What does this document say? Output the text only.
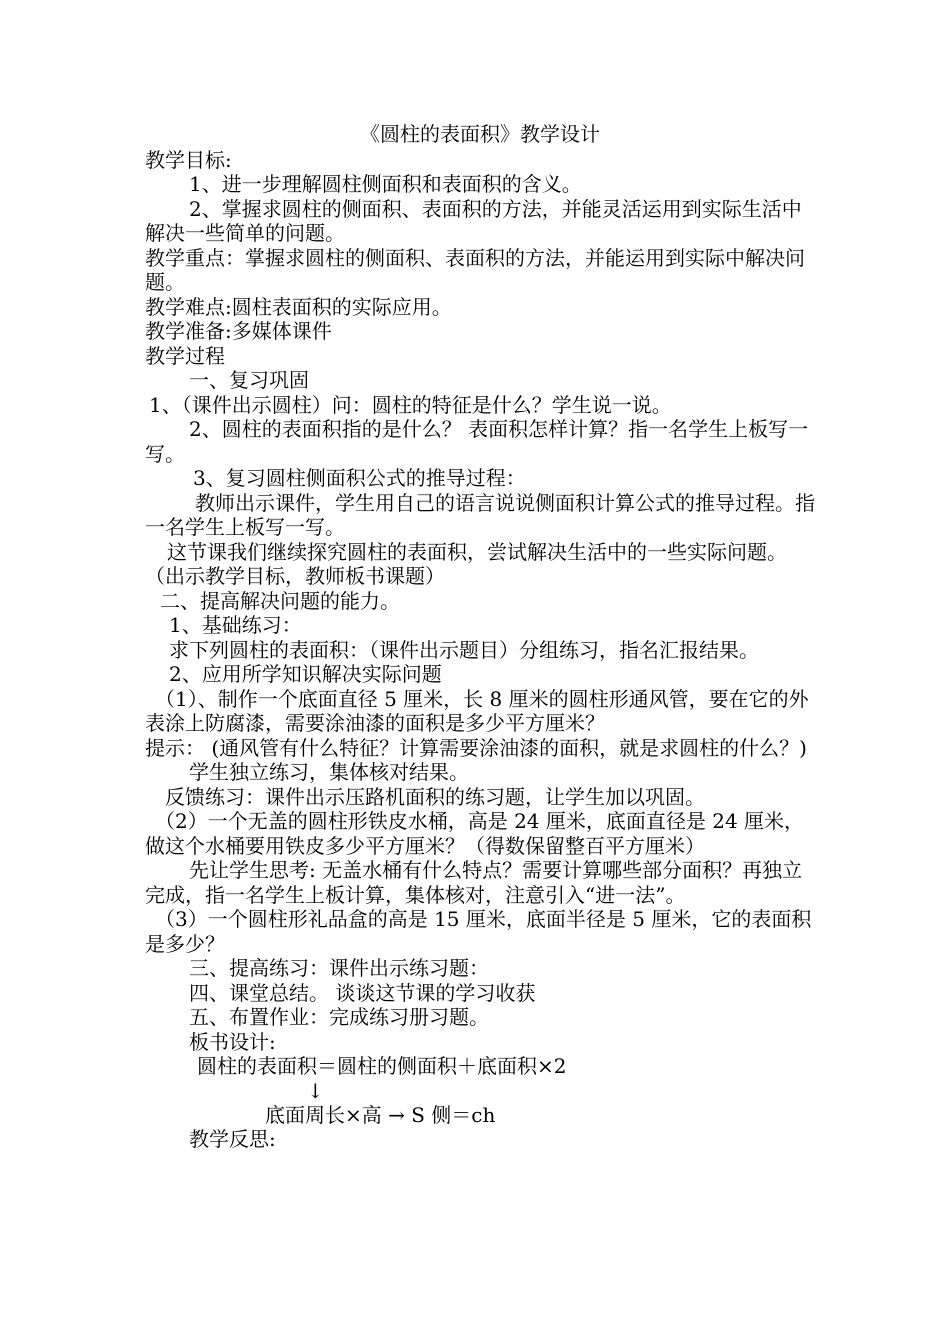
《圆柱的表面积》教学设计

教学目标:

1、进一步理解圆柱侧面积和表面积的含义。

2、掌握求圆柱的侧面积、表面积的方法，并能灵活运用到实际生活中解决一些简单的问题。

教学重点：掌握求圆柱的侧面积、表面积的方法，并能运用到实际中解决问题。

教学难点:圆柱表面积的实际应用。

教学准备:多媒体课件

教学过程

一、复习巩固

1、（课件出示圆柱）问：圆柱的特征是什么？学生说一说。

2、圆柱的表面积指的是什么？ 表面积怎样计算？指一名学生上板写一写。

3、复习圆柱侧面积公式的推导过程：

教师出示课件，学生用自己的语言说说侧面积计算公式的推导过程。指一名学生上板写一写。

这节课我们继续探究圆柱的表面积，尝试解决生活中的一些实际问题。（出示教学目标，教师板书课题）

二、提高解决问题的能力。

1、基础练习：

求下列圆柱的表面积：（课件出示题目）分组练习，指名汇报结果。

2、应用所学知识解决实际问题

（1）、制作一个底面直径 5 厘米，长 8 厘米的圆柱形通风管，要在它的外表涂上防腐漆，需要涂油漆的面积是多少平方厘米？

提示： (通风管有什么特征？计算需要涂油漆的面积，就是求圆柱的什么？)

学生独立练习，集体核对结果。

反馈练习：课件出示压路机面积的练习题，让学生加以巩固。

（2）一个无盖的圆柱形铁皮水桶，高是 24 厘米，底面直径是 24 厘米，做这个水桶要用铁皮多少平方厘米？（得数保留整百平方厘米）

先让学生思考: 无盖水桶有什么特点？需要计算哪些部分面积？再独立完成，指一名学生上板计算，集体核对，注意引入“进一法”。

（3）一个圆柱形礼品盒的高是 15 厘米，底面半径是 5 厘米，它的表面积是多少？

三、提高练习：课件出示练习题：

四、课堂总结。 谈谈这节课的学习收获

五、布置作业：完成练习册习题。

板书设计:

圆柱的表面积＝圆柱的侧面积＋底面积×2

↓

底面周长×高 → S 侧＝ch

教学反思:
